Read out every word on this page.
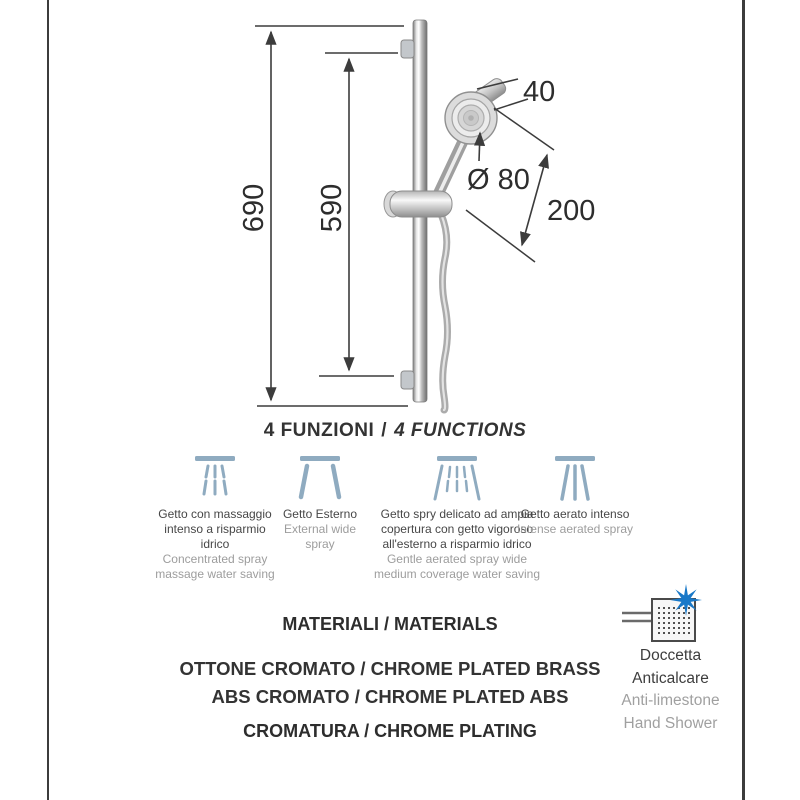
690 590
40
Ø 80
200
4 FUNZIONI / 4 FUNCTIONS

Getto con massaggio intenso a risparmio idrico

Concentrated spray massage water saving

Getto Esterno

External wide spray

Getto spry delicato ad ampia copertura con getto vigoroso all'esterno a risparmio idrico

Gentle aerated spray wide medium coverage water saving

Getto aerato intenso

Intense aerated spray

MATERIALI / MATERIALS
OTTONE CROMATO / CHROME PLATED BRASS
ABS CROMATO / CHROME PLATED ABS
CROMATURA / CHROME PLATING
Doccetta
Anticalcare
Anti-limestone
Hand Shower
